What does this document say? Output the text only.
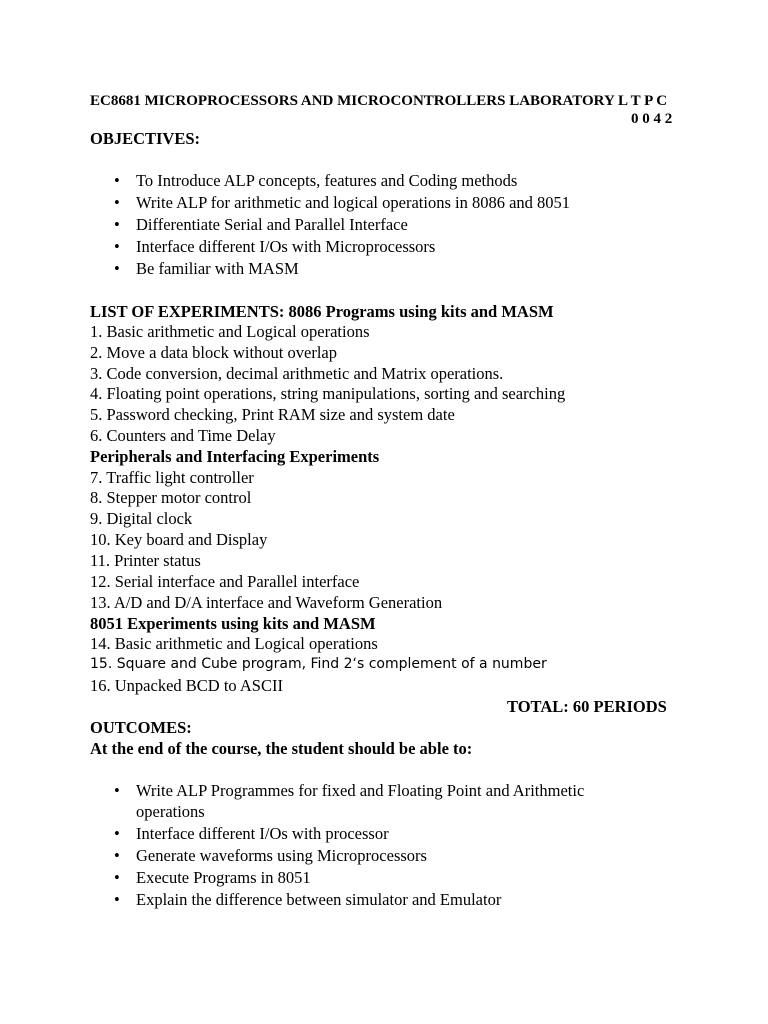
EC8681 MICROPROCESSORS AND MICROCONTROLLERS LABORATORY L T P C
0 0 4 2
OBJECTIVES:
• To Introduce ALP concepts, features and Coding methods
• Write ALP for arithmetic and logical operations in 8086 and 8051
• Differentiate Serial and Parallel Interface
• Interface different I/Os with Microprocessors
• Be familiar with MASM
LIST OF EXPERIMENTS: 8086 Programs using kits and MASM
1. Basic arithmetic and Logical operations
2. Move a data block without overlap
3. Code conversion, decimal arithmetic and Matrix operations.
4. Floating point operations, string manipulations, sorting and searching
5. Password checking, Print RAM size and system date
6. Counters and Time Delay
Peripherals and Interfacing Experiments
7. Traffic light controller
8. Stepper motor control
9. Digital clock
10. Key board and Display
11. Printer status
12. Serial interface and Parallel interface
13. A/D and D/A interface and Waveform Generation
8051 Experiments using kits and MASM
14. Basic arithmetic and Logical operations
15. Square and Cube program, Find 2‘s complement of a number
16. Unpacked BCD to ASCII
TOTAL: 60 PERIODS
OUTCOMES:
At the end of the course, the student should be able to:
• Write ALP Programmes for fixed and Floating Point and Arithmetic
operations
• Interface different I/Os with processor
• Generate waveforms using Microprocessors
• Execute Programs in 8051
• Explain the difference between simulator and Emulator
